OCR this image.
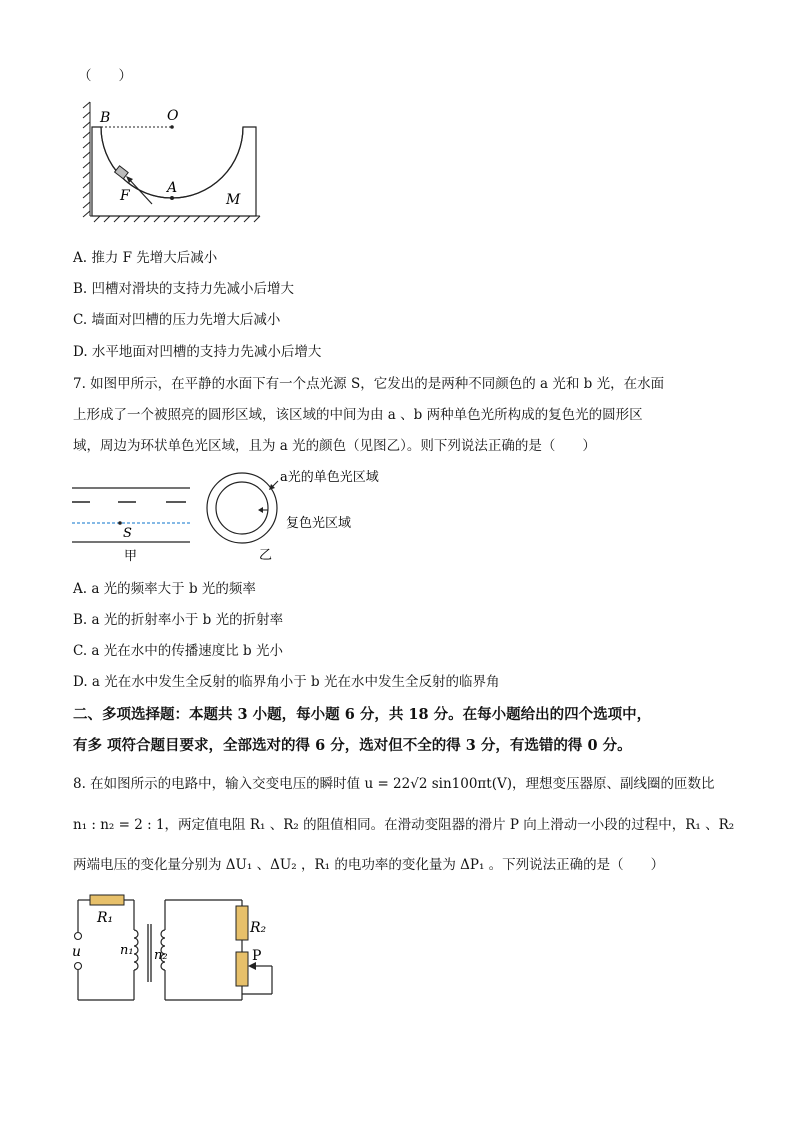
（　　）
B	O
F	A
M
A. 推力 F 先增大后减小
B. 凹槽对滑块的支持力先减小后增大
C. 墙面对凹槽的压力先增大后减小
D. 水平地面对凹槽的支持力先减小后增大
7. 如图甲所示，在平静的水面下有一个点光源 S，它发出的是两种不同颜色的 a 光和 b 光，在水面
上形成了一个被照亮的圆形区域，该区域的中间为由 a 、b 两种单色光所构成的复色光的圆形区
域，周边为环状单色光区域，且为 a 光的颜色（见图乙）。则下列说法正确的是（　　）
S
甲	乙
a光的单色光区域
复色光区域
A. a 光的频率大于 b 光的频率
B. a 光的折射率小于 b 光的折射率
C. a 光在水中的传播速度比 b 光小
D. a 光在水中发生全反射的临界角小于 b 光在水中发生全反射的临界角
二、多项选择题：本题共 3 小题，每小题 6 分，共 18 分。在每小题给出的四个选项中，
有多 项符合题目要求，全部选对的得 6 分，选对但不全的得 3 分，有选错的得 0 分。
8. 在如图所示的电路中，输入交变电压的瞬时值 u = 22√2 sin100πt(V)，理想变压器原、副线圈的匝数比
n₁ : n₂ = 2 : 1，两定值电阻 R₁ 、R₂ 的阻值相同。在滑动变阻器的滑片 P 向上滑动一小段的过程中，R₁ 、R₂
两端电压的变化量分别为 ΔU₁ 、ΔU₂ ，R₁ 的电功率的变化量为 ΔP₁ 。下列说法正确的是（　　）
R₁
u	n₁ n₂
R₂
P
